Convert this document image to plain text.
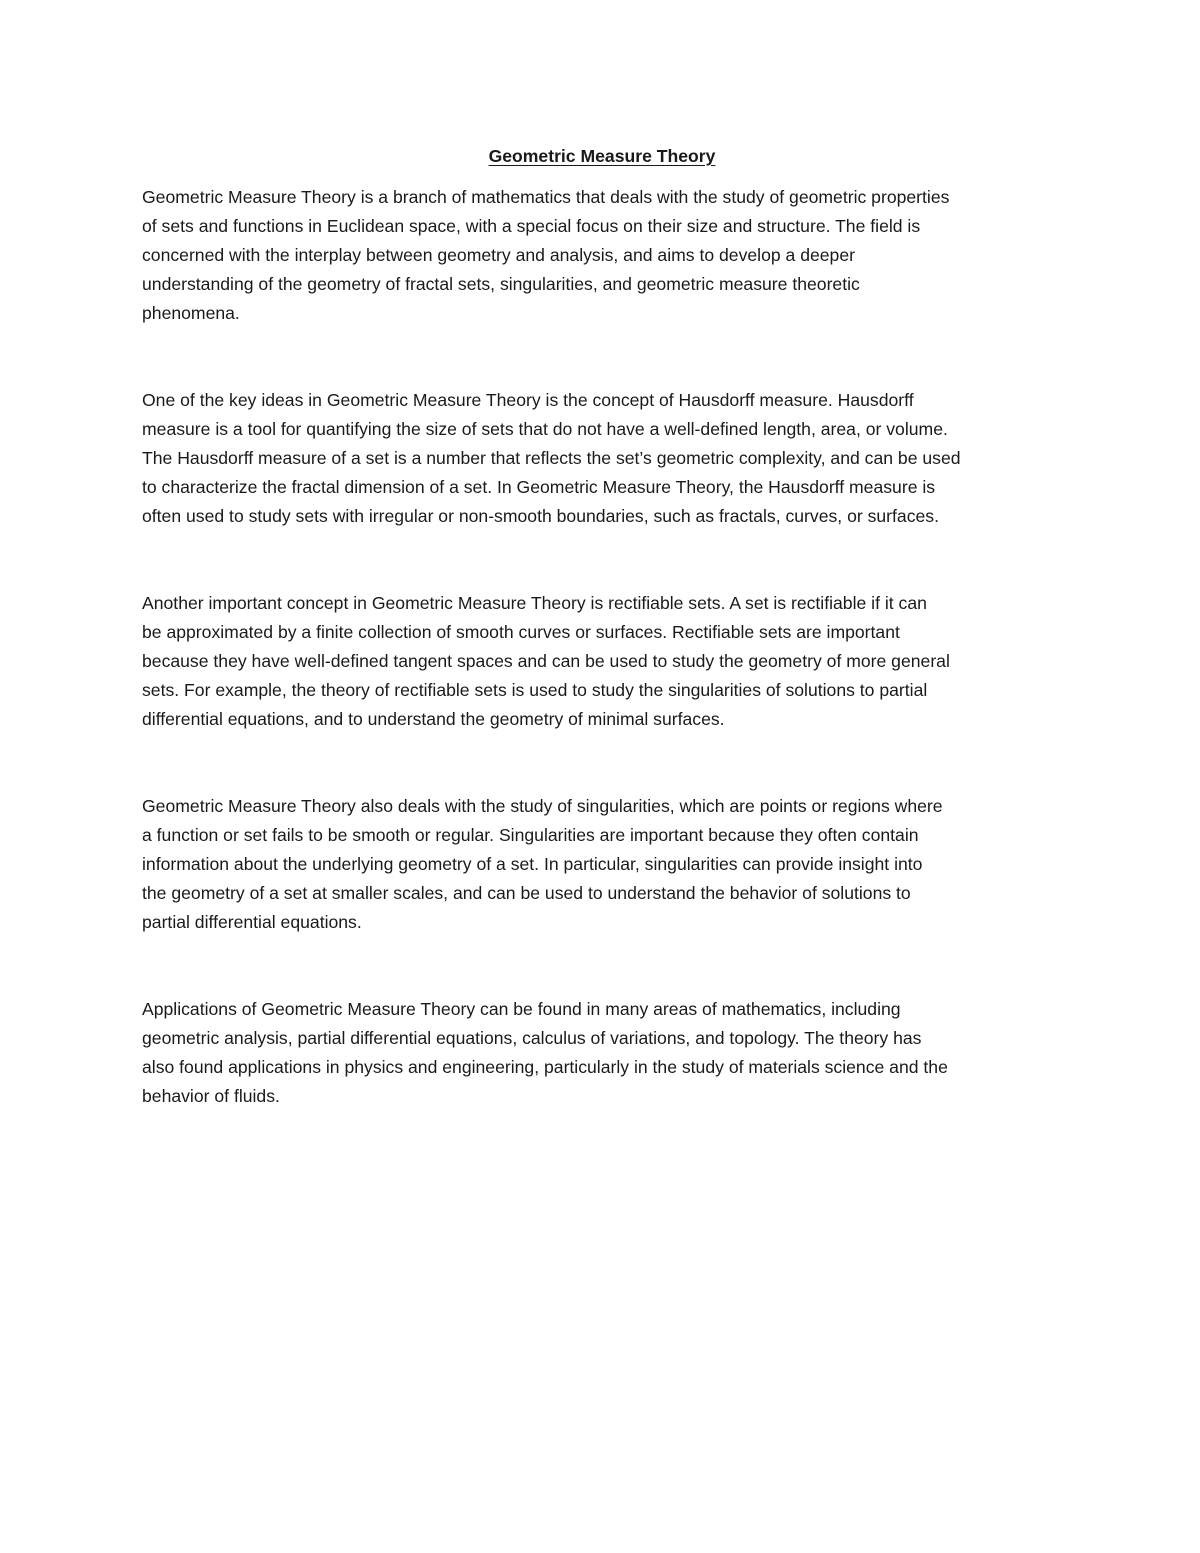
Geometric Measure Theory

Geometric Measure Theory is a branch of mathematics that deals with the study of geometric properties
of sets and functions in Euclidean space, with a special focus on their size and structure. The field is
concerned with the interplay between geometry and analysis, and aims to develop a deeper
understanding of the geometry of fractal sets, singularities, and geometric measure theoretic
phenomena.

One of the key ideas in Geometric Measure Theory is the concept of Hausdorff measure. Hausdorff
measure is a tool for quantifying the size of sets that do not have a well-defined length, area, or volume.
The Hausdorff measure of a set is a number that reflects the set’s geometric complexity, and can be used
to characterize the fractal dimension of a set. In Geometric Measure Theory, the Hausdorff measure is
often used to study sets with irregular or non-smooth boundaries, such as fractals, curves, or surfaces.

Another important concept in Geometric Measure Theory is rectifiable sets. A set is rectifiable if it can
be approximated by a finite collection of smooth curves or surfaces. Rectifiable sets are important
because they have well-defined tangent spaces and can be used to study the geometry of more general
sets. For example, the theory of rectifiable sets is used to study the singularities of solutions to partial
differential equations, and to understand the geometry of minimal surfaces.

Geometric Measure Theory also deals with the study of singularities, which are points or regions where
a function or set fails to be smooth or regular. Singularities are important because they often contain
information about the underlying geometry of a set. In particular, singularities can provide insight into
the geometry of a set at smaller scales, and can be used to understand the behavior of solutions to
partial differential equations.

Applications of Geometric Measure Theory can be found in many areas of mathematics, including
geometric analysis, partial differential equations, calculus of variations, and topology. The theory has
also found applications in physics and engineering, particularly in the study of materials science and the
behavior of fluids.
